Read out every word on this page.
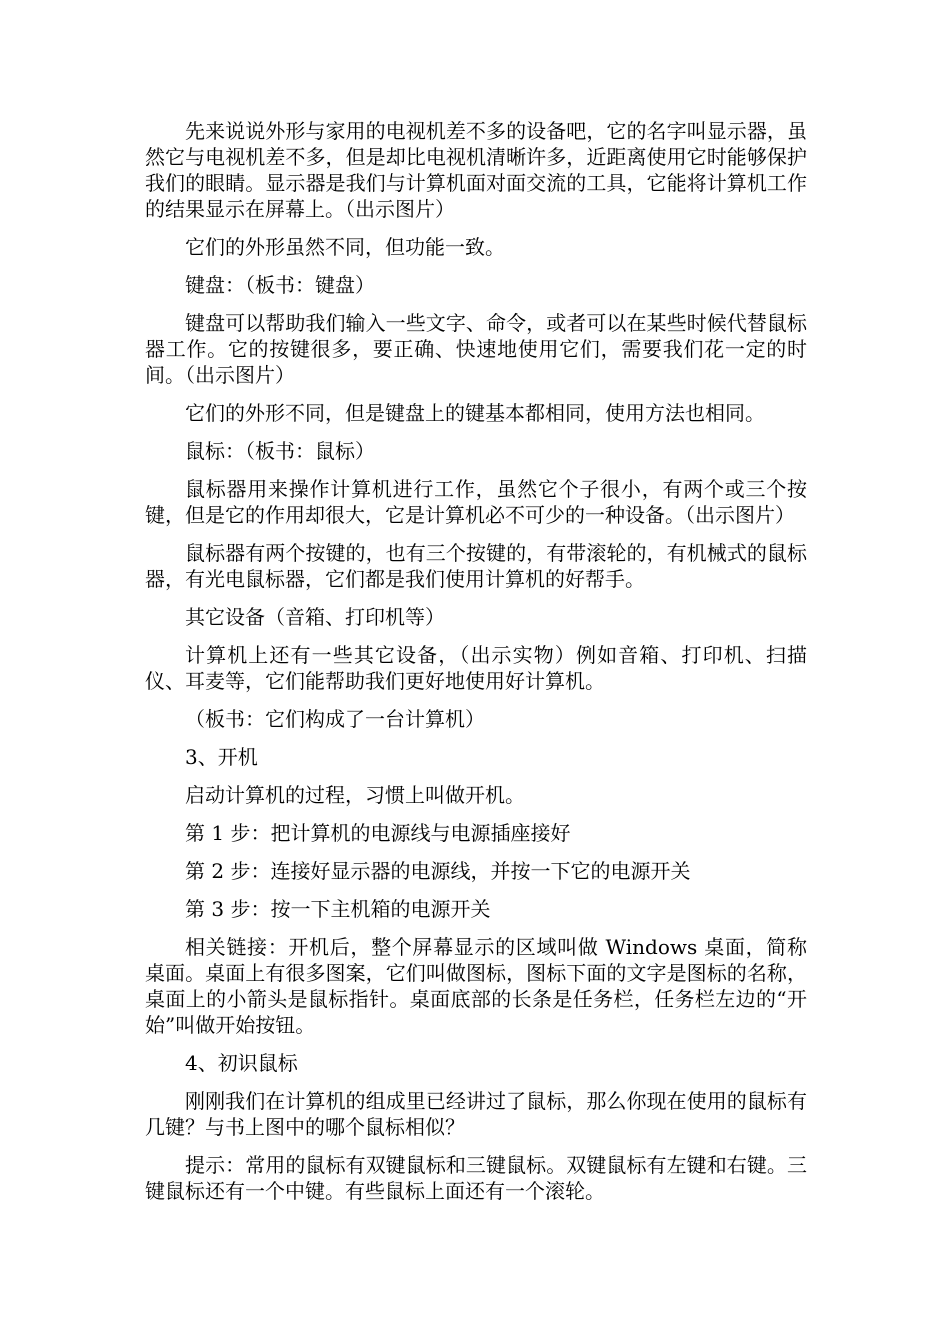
先来说说外形与家用的电视机差不多的设备吧，它的名字叫显示器，虽然它与电视机差不多，但是却比电视机清晰许多，近距离使用它时能够保护我们的眼睛。显示器是我们与计算机面对面交流的工具，它能将计算机工作的结果显示在屏幕上。（出示图片）

它们的外形虽然不同，但功能一致。

键盘：（板书：键盘）

键盘可以帮助我们输入一些文字、命令，或者可以在某些时候代替鼠标器工作。它的按键很多，要正确、快速地使用它们，需要我们花一定的时间。（出示图片）

它们的外形不同，但是键盘上的键基本都相同，使用方法也相同。

鼠标：（板书：鼠标）

鼠标器用来操作计算机进行工作，虽然它个子很小，有两个或三个按键，但是它的作用却很大，它是计算机必不可少的一种设备。（出示图片）

鼠标器有两个按键的，也有三个按键的，有带滚轮的，有机械式的鼠标器，有光电鼠标器，它们都是我们使用计算机的好帮手。

其它设备（音箱、打印机等）

计算机上还有一些其它设备，（出示实物）例如音箱、打印机、扫描仪、耳麦等，它们能帮助我们更好地使用好计算机。

（板书：它们构成了一台计算机）

3、开机

启动计算机的过程，习惯上叫做开机。

第 1 步：把计算机的电源线与电源插座接好

第 2 步：连接好显示器的电源线，并按一下它的电源开关

第 3 步：按一下主机箱的电源开关

相关链接：开机后，整个屏幕显示的区域叫做 Windows 桌面，简称桌面。桌面上有很多图案，它们叫做图标，图标下面的文字是图标的名称，桌面上的小箭头是鼠标指针。桌面底部的长条是任务栏，任务栏左边的“开始”叫做开始按钮。

4、初识鼠标

刚刚我们在计算机的组成里已经讲过了鼠标，那么你现在使用的鼠标有几键？与书上图中的哪个鼠标相似？

提示：常用的鼠标有双键鼠标和三键鼠标。双键鼠标有左键和右键。三键鼠标还有一个中键。有些鼠标上面还有一个滚轮。
